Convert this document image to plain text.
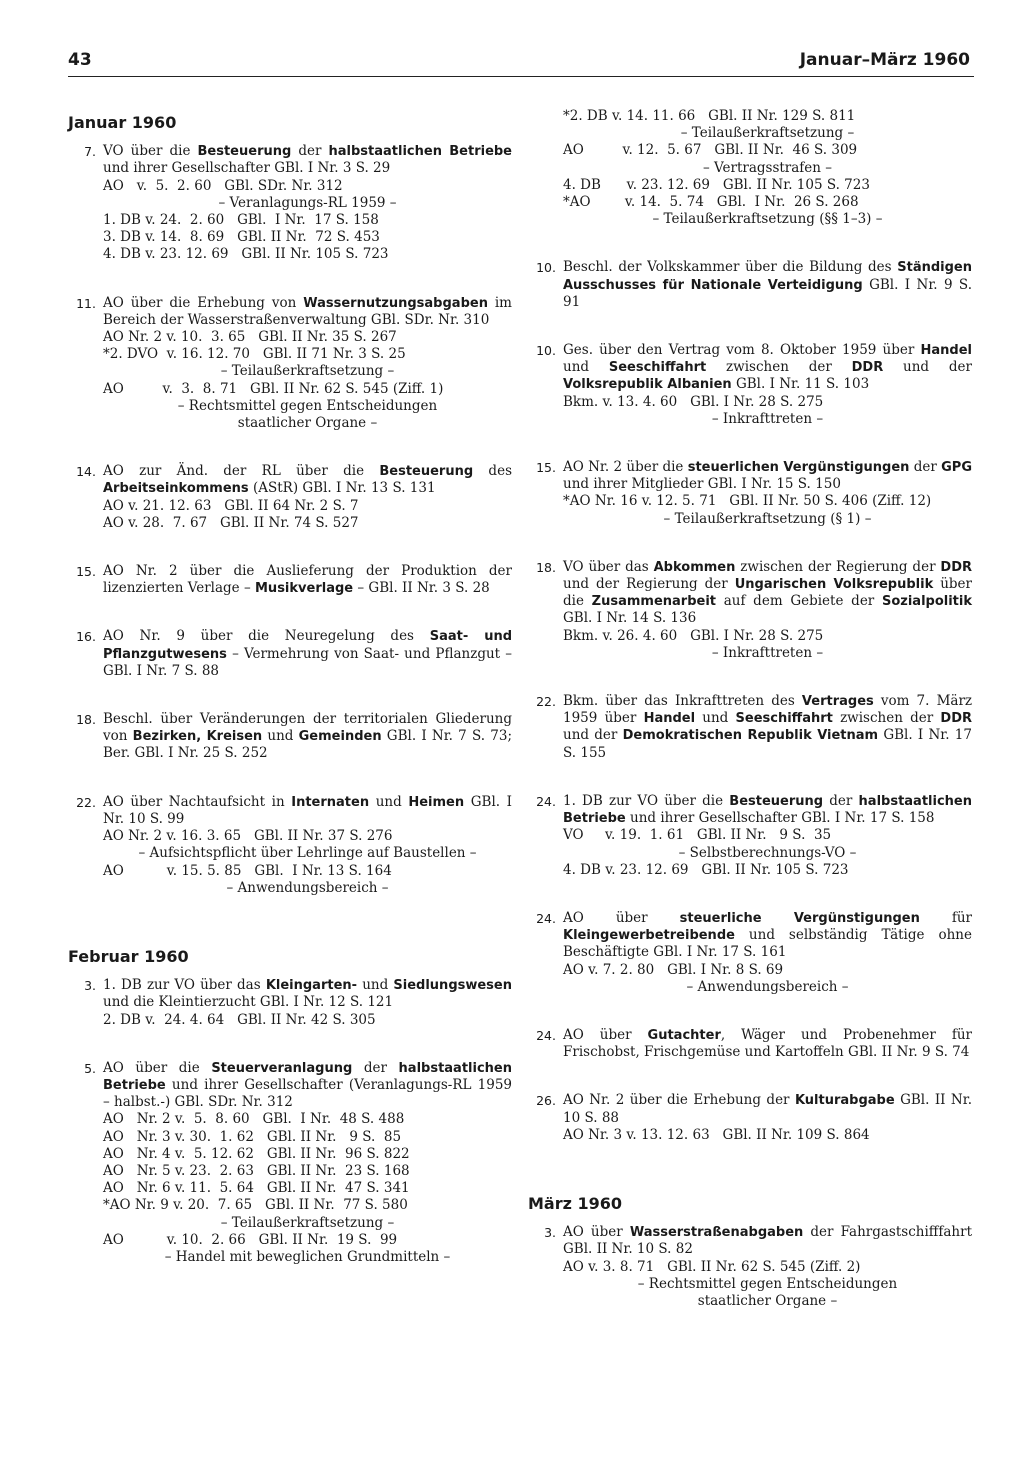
43	Januar–März 1960
Januar 1960
7. VO über die Besteuerung der halbstaatlichen Betriebe und ihrer Gesellschafter GBl. I Nr. 3 S. 29
AO   v.  5.  2. 60   GBl. SDr. Nr. 312
– Veranlagungs-RL 1959 –
1. DB v. 24.  2. 60   GBl.  I Nr.  17 S. 158
3. DB v. 14.  8. 69   GBl. II Nr.  72 S. 453
4. DB v. 23. 12. 69   GBl. II Nr. 105 S. 723
11. AO über die Erhebung von Wassernutzungsabgaben im Bereich der Wasserstraßenverwaltung GBl. SDr. Nr. 310
AO Nr. 2 v. 10.  3. 65   GBl. II Nr. 35 S. 267
*2. DVO  v. 16. 12. 70   GBl. II 71 Nr. 3 S. 25
– Teilaußerkraftsetzung –
AO         v.  3.  8. 71   GBl. II Nr. 62 S. 545 (Ziff. 1)
– Rechtsmittel gegen Entscheidungen
staatlicher Organe –
14. AO zur Änd. der RL über die Besteuerung des Arbeitseinkommens (AStR) GBl. I Nr. 13 S. 131
AO v. 21. 12. 63   GBl. II 64 Nr. 2 S. 7
AO v. 28.  7. 67   GBl. II Nr. 74 S. 527
15. AO Nr. 2 über die Auslieferung der Produktion der lizenzierten Verlage – Musikverlage – GBl. II Nr. 3 S. 28
16. AO Nr. 9 über die Neuregelung des Saat- und Pflanzgutwesens – Vermehrung von Saat- und Pflanzgut – GBl. I Nr. 7 S. 88
18. Beschl. über Veränderungen der territorialen Gliederung von Bezirken, Kreisen und Gemeinden GBl. I Nr. 7 S. 73; Ber. GBl. I Nr. 25 S. 252
22. AO über Nachtaufsicht in Internaten und Heimen GBl. I Nr. 10 S. 99
AO Nr. 2 v. 16. 3. 65   GBl. II Nr. 37 S. 276
– Aufsichtspflicht über Lehrlinge auf Baustellen –
AO          v. 15. 5. 85   GBl.  I Nr. 13 S. 164
– Anwendungsbereich –
Februar 1960
3. 1. DB zur VO über das Kleingarten- und Siedlungswesen und die Kleintierzucht GBl. I Nr. 12 S. 121
2. DB v.  24. 4. 64   GBl. II Nr. 42 S. 305
5. AO über die Steuerveranlagung der halbstaatlichen Betriebe und ihrer Gesellschafter (Veranlagungs-RL 1959 – halbst.-) GBl. SDr. Nr. 312
AO   Nr. 2 v.  5.  8. 60   GBl.  I Nr.  48 S. 488
AO   Nr. 3 v. 30.  1. 62   GBl. II Nr.   9 S.  85
AO   Nr. 4 v.  5. 12. 62   GBl. II Nr.  96 S. 822
AO   Nr. 5 v. 23.  2. 63   GBl. II Nr.  23 S. 168
AO   Nr. 6 v. 11.  5. 64   GBl. II Nr.  47 S. 341
*AO Nr. 9 v. 20.  7. 65   GBl. II Nr.  77 S. 580
– Teilaußerkraftsetzung –
AO          v. 10.  2. 66   GBl. II Nr.  19 S.  99
– Handel mit beweglichen Grundmitteln –
*2. DB v. 14. 11. 66   GBl. II Nr. 129 S. 811
– Teilaußerkraftsetzung –
AO         v. 12.  5. 67   GBl. II Nr.  46 S. 309
– Vertragsstrafen –
4. DB      v. 23. 12. 69   GBl. II Nr. 105 S. 723
*AO        v. 14.  5. 74   GBl.  I Nr.  26 S. 268
– Teilaußerkraftsetzung (§§ 1–3) –
10. Beschl. der Volkskammer über die Bildung des Ständigen Ausschusses für Nationale Verteidigung GBl. I Nr. 9 S. 91
10. Ges. über den Vertrag vom 8. Oktober 1959 über Handel und Seeschiffahrt zwischen der DDR und der Volksrepublik Albanien GBl. I Nr. 11 S. 103
Bkm. v. 13. 4. 60   GBl. I Nr. 28 S. 275
– Inkrafttreten –
15. AO Nr. 2 über die steuerlichen Vergünstigungen der GPG und ihrer Mitglieder GBl. I Nr. 15 S. 150
*AO Nr. 16 v. 12. 5. 71   GBl. II Nr. 50 S. 406 (Ziff. 12)
– Teilaußerkraftsetzung (§ 1) –
18. VO über das Abkommen zwischen der Regierung der DDR und der Regierung der Ungarischen Volksrepublik über die Zusammenarbeit auf dem Gebiete der Sozialpolitik GBl. I Nr. 14 S. 136
Bkm. v. 26. 4. 60   GBl. I Nr. 28 S. 275
– Inkrafttreten –
22. Bkm. über das Inkrafttreten des Vertrages vom 7. März 1959 über Handel und Seeschiffahrt zwischen der DDR und der Demokratischen Republik Vietnam GBl. I Nr. 17 S. 155
24. 1. DB zur VO über die Besteuerung der halbstaatlichen Betriebe und ihrer Gesellschafter GBl. I Nr. 17 S. 158
VO     v. 19.  1. 61   GBl. II Nr.   9 S.  35
– Selbstberechnungs-VO –
4. DB v. 23. 12. 69   GBl. II Nr. 105 S. 723
24. AO über steuerliche Vergünstigungen für Kleingewerbetreibende und selbständig Tätige ohne Beschäftigte GBl. I Nr. 17 S. 161
AO v. 7. 2. 80   GBl. I Nr. 8 S. 69
– Anwendungsbereich –
24. AO über Gutachter, Wäger und Probenehmer für Frischobst, Frischgemüse und Kartoffeln GBl. II Nr. 9 S. 74
26. AO Nr. 2 über die Erhebung der Kulturabgabe GBl. II Nr. 10 S. 88
AO Nr. 3 v. 13. 12. 63   GBl. II Nr. 109 S. 864
März 1960
3. AO über Wasserstraßenabgaben der Fahrgastschifffahrt GBl. II Nr. 10 S. 82
AO v. 3. 8. 71   GBl. II Nr. 62 S. 545 (Ziff. 2)
– Rechtsmittel gegen Entscheidungen
staatlicher Organe –
